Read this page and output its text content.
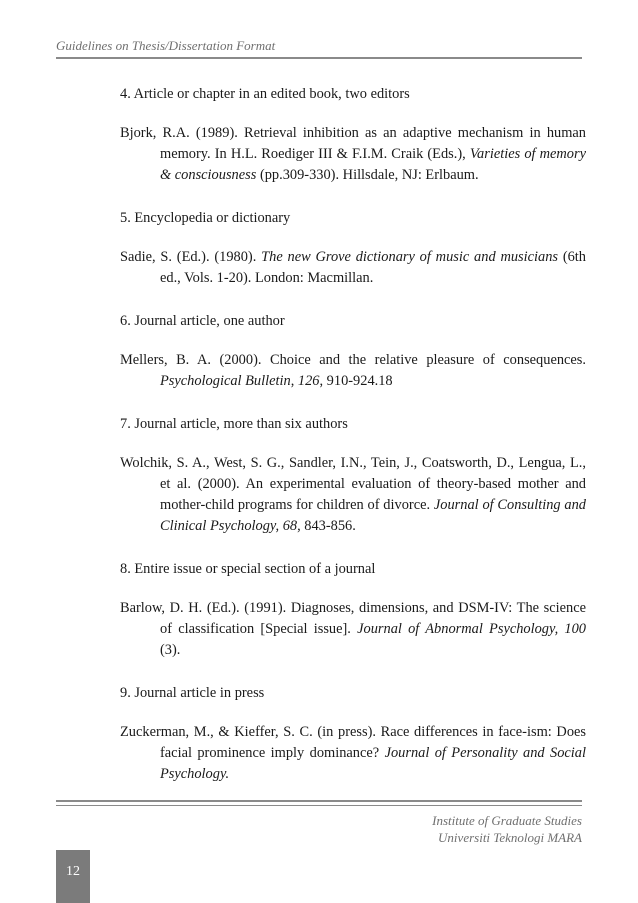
Guidelines on Thesis/Dissertation Format

4. Article or chapter in an edited book, two editors

Bjork, R.A. (1989). Retrieval inhibition as an adaptive mechanism in human memory. In H.L. Roediger III & F.I.M. Craik (Eds.), Varieties of memory & consciousness (pp.309-330). Hillsdale, NJ: Erlbaum.

5. Encyclopedia or dictionary

Sadie, S. (Ed.). (1980). The new Grove dictionary of music and musicians (6th ed., Vols. 1-20). London: Macmillan.

6. Journal article, one author

Mellers, B. A. (2000). Choice and the relative pleasure of consequences. Psychological Bulletin, 126, 910-924.18

7. Journal article, more than six authors

Wolchik, S. A., West, S. G., Sandler, I.N., Tein, J., Coatsworth, D., Lengua, L., et al. (2000). An experimental evaluation of theory-based mother and mother-child programs for children of divorce. Journal of Consulting and Clinical Psychology, 68, 843-856.

8. Entire issue or special section of a journal

Barlow, D. H. (Ed.). (1991). Diagnoses, dimensions, and DSM-IV: The science of classification [Special issue]. Journal of Abnormal Psychology, 100 (3).

9. Journal article in press

Zuckerman, M., & Kieffer, S. C. (in press). Race differences in face-ism: Does facial prominence imply dominance? Journal of Personality and Social Psychology.

Institute of Graduate Studies
Universiti Teknologi MARA
12
